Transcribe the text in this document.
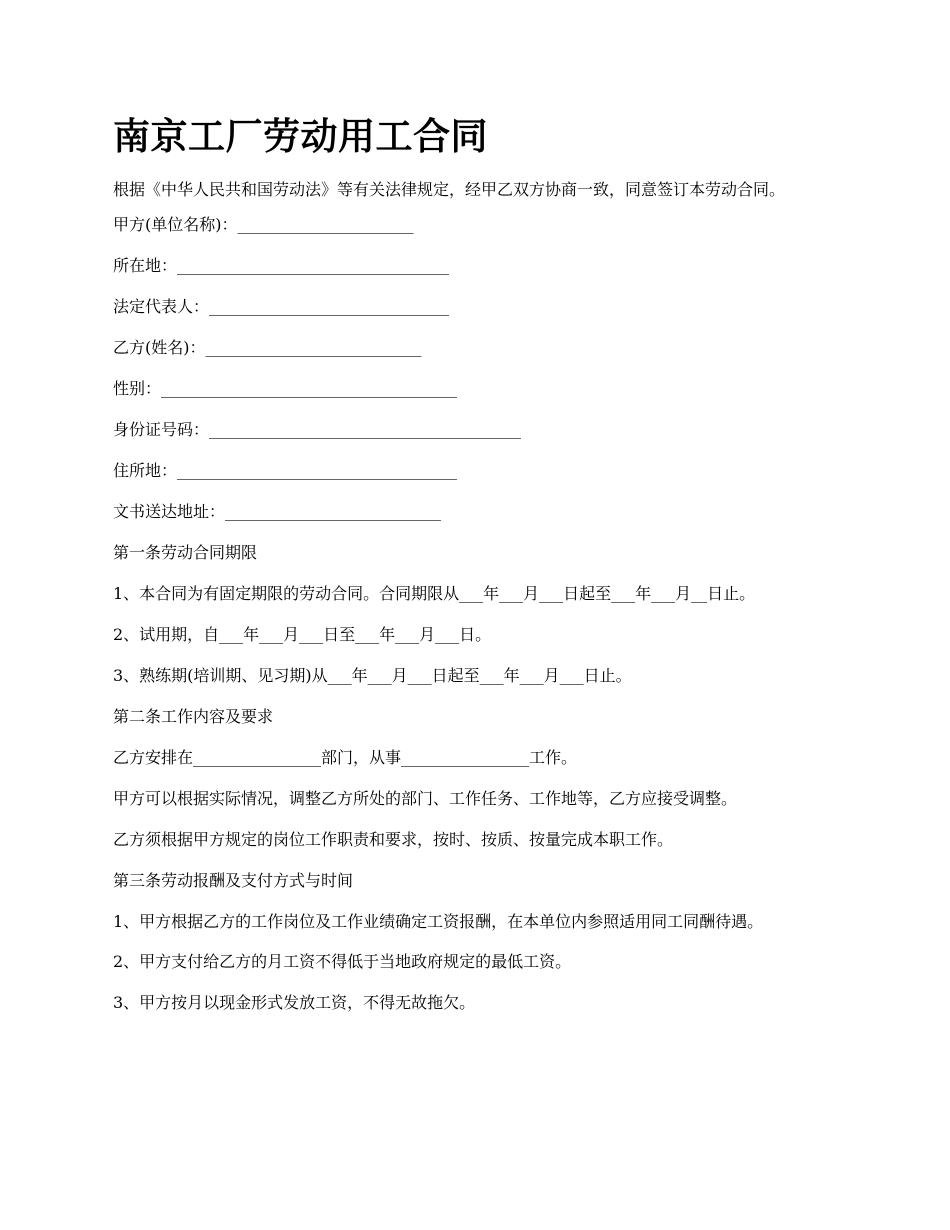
南京工厂劳动用工合同

根据《中华人民共和国劳动法》等有关法律规定，经甲乙双方协商一致，同意签订本劳动合同。

甲方(单位名称)：______________________

所在地：__________________________________

法定代表人：______________________________

乙方(姓名)：___________________________

性别：_____________________________________

身份证号码：_______________________________________

住所地：___________________________________

文书送达地址：___________________________

第一条劳动合同期限

1、本合同为有固定期限的劳动合同。合同期限从___年___月___日起至___年___月__日止。

2、试用期，自___年___月___日至___年___月___日。

3、熟练期(培训期、见习期)从___年___月___日起至___年___月___日止。

第二条工作内容及要求

乙方安排在________________部门，从事________________工作。

甲方可以根据实际情况，调整乙方所处的部门、工作任务、工作地等，乙方应接受调整。

乙方须根据甲方规定的岗位工作职责和要求，按时、按质、按量完成本职工作。

第三条劳动报酬及支付方式与时间

1、甲方根据乙方的工作岗位及工作业绩确定工资报酬，在本单位内参照适用同工同酬待遇。

2、甲方支付给乙方的月工资不得低于当地政府规定的最低工资。

3、甲方按月以现金形式发放工资，不得无故拖欠。
